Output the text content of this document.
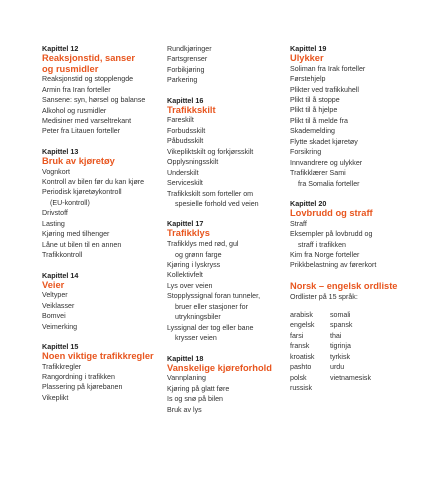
Kapittel 12
Reaksjonstid, sanser
og rusmidler
Reaksjonstid og stopplengde
Armin fra Iran forteller
Sansene: syn, hørsel og balanse
Alkohol og rusmidler
Medisiner med varseltrekant
Peter fra Litauen forteller
Kapittel 13
Bruk av kjøretøy
Vognkort
Kontroll av bilen før du kan kjøre
Periodisk kjøretøykontroll
(EU-kontroll)
Drivstoff
Lasting
Kjøring med tilhenger
Låne ut bilen til en annen
Trafikkontroll
Kapittel 14
Veier
Veltyper
Veiklasser
Bomvei
Veimerking
Kapittel 15
Noen viktige trafikkregler
Trafikkregler
Rangordning i trafikken
Plassering på kjørebanen
Vikeplikt
Rundkjøringer
Fartsgrenser
Forbikjøring
Parkering
Kapittel 16
Trafikkskilt
Fareskilt
Forbudsskilt
Påbudsskilt
Vikepliktskilt og forkjørsskilt
Opplysningsskilt
Underskilt
Serviceskilt
Trafikkskilt som forteller om
spesielle forhold ved veien
Kapittel 17
Trafikklys
Trafikklys med rød, gul
og grønn farge
Kjøring i lyskryss
Kollektivfelt
Lys over veien
Stopplyssignal foran tunneler,
bruer eller stasjoner for
utrykningsbiler
Lyssignal der tog eller bane
krysser veien
Kapittel 18
Vanskelige kjøreforhold
Vannplaning
Kjøring på glatt føre
Is og snø på bilen
Bruk av lys
Kapittel 19
Ulykker
Soliman fra Irak forteller
Førstehjelp
Plikter ved trafikkuhell
Plikt til å stoppe
Plikt til å hjelpe
Plikt til å melde fra
Skademelding
Flytte skadet kjøretøy
Forsikring
Innvandrere og ulykker
Trafikklærer Sami
fra Somalia forteller
Kapittel 20
Lovbrudd og straff
Straff
Eksempler på lovbrudd og
straff i trafikken
Kim fra Norge forteller
Prikkbelastning av førerkort
Norsk – engelsk ordliste
Ordlister på 15 språk:
arabisk
engelsk
farsi
fransk
kroatisk
pashto
polsk
russisk
somali
spansk
thai
tigrinja
tyrkisk
urdu
vietnamesisk
